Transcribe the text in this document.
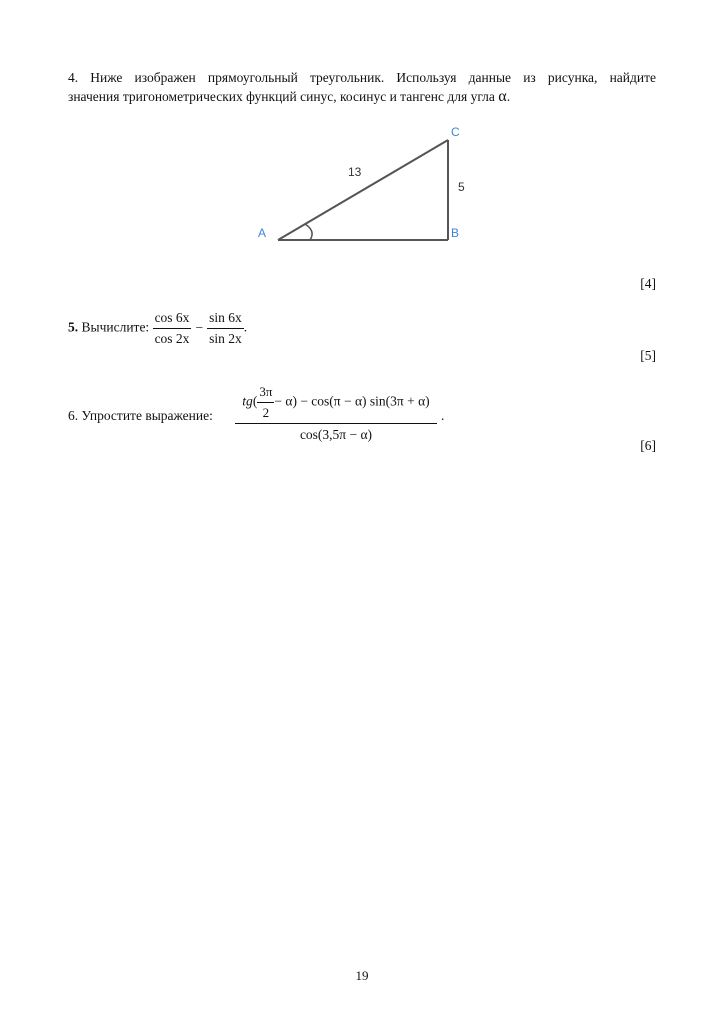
4. Ниже изображен прямоугольный треугольник. Используя данные из рисунка, найдите
значения тригонометрических функций синус, косинус и тангенс для угла α.
A	B
C
13
5
[4]
5. Вычислите: $\frac{\cos 6x}{\cos 2x} - \frac{\sin 6x}{\sin 2x}$ .
[5]
6. Упростите выражение: $\frac{tg( \frac{3\pi}{2} - \alpha) - \cos(\pi - \alpha) \sin(3\pi + \alpha)}{\cos(3,5\pi - \alpha)}$ .
[6]
19
